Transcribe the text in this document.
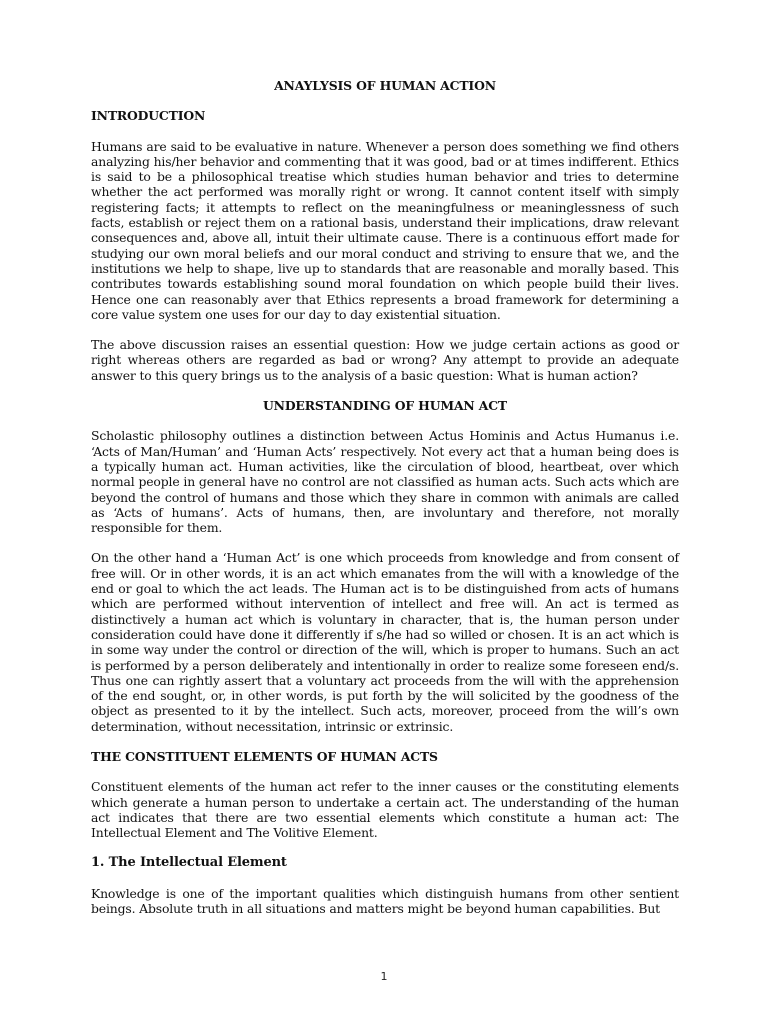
ANAYLYSIS OF HUMAN ACTION
INTRODUCTION

Humans are said to be evaluative in nature. Whenever a person does something we find others analyzing his/her behavior and commenting that it was good, bad or at times indifferent. Ethics is said to be a philosophical treatise which studies human behavior and tries to determine whether the act performed was morally right or wrong. It cannot content itself with simply registering facts; it attempts to reflect on the meaningfulness or meaninglessness of such facts, establish or reject them on a rational basis, understand their implications, draw relevant consequences and, above all, intuit their ultimate cause. There is a continuous effort made for studying our own moral beliefs and our moral conduct and striving to ensure that we, and the institutions we help to shape, live up to standards that are reasonable and morally based. This contributes towards establishing sound moral foundation on which people build their lives. Hence one can reasonably aver that Ethics represents a broad framework for determining a core value system one uses for our day to day existential situation.

The above discussion raises an essential question: How we judge certain actions as good or right whereas others are regarded as bad or wrong? Any attempt to provide an adequate answer to this query brings us to the analysis of a basic question: What is human action?

UNDERSTANDING OF HUMAN ACT

Scholastic philosophy outlines a distinction between Actus Hominis and Actus Humanus i.e. ‘Acts of Man/Human’ and ‘Human Acts’ respectively. Not every act that a human being does is a typically human act. Human activities, like the circulation of blood, heartbeat, over which normal people in general have no control are not classified as human acts. Such acts which are beyond the control of humans and those which they share in common with animals are called as ‘Acts of humans’. Acts of humans, then, are involuntary and therefore, not morally responsible for them.

On the other hand a ‘Human Act’ is one which proceeds from knowledge and from consent of free will. Or in other words, it is an act which emanates from the will with a knowledge of the end or goal to which the act leads. The Human act is to be distinguished from acts of humans which are performed without intervention of intellect and free will. An act is termed as distinctively a human act which is voluntary in character, that is, the human person under consideration could have done it differently if s/he had so willed or chosen. It is an act which is in some way under the control or direction of the will, which is proper to humans. Such an act is performed by a person deliberately and intentionally in order to realize some foreseen end/s. Thus one can rightly assert that a voluntary act proceeds from the will with the apprehension of the end sought, or, in other words, is put forth by the will solicited by the goodness of the object as presented to it by the intellect. Such acts, moreover, proceed from the will’s own determination, without necessitation, intrinsic or extrinsic.

THE CONSTITUENT ELEMENTS OF HUMAN ACTS

Constituent elements of the human act refer to the inner causes or the constituting elements which generate a human person to undertake a certain act. The understanding of the human act indicates that there are two essential elements which constitute a human act: The Intellectual Element and The Volitive Element.

1. The Intellectual Element

Knowledge is one of the important qualities which distinguish humans from other sentient beings. Absolute truth in all situations and matters might be beyond human capabilities. But

1
